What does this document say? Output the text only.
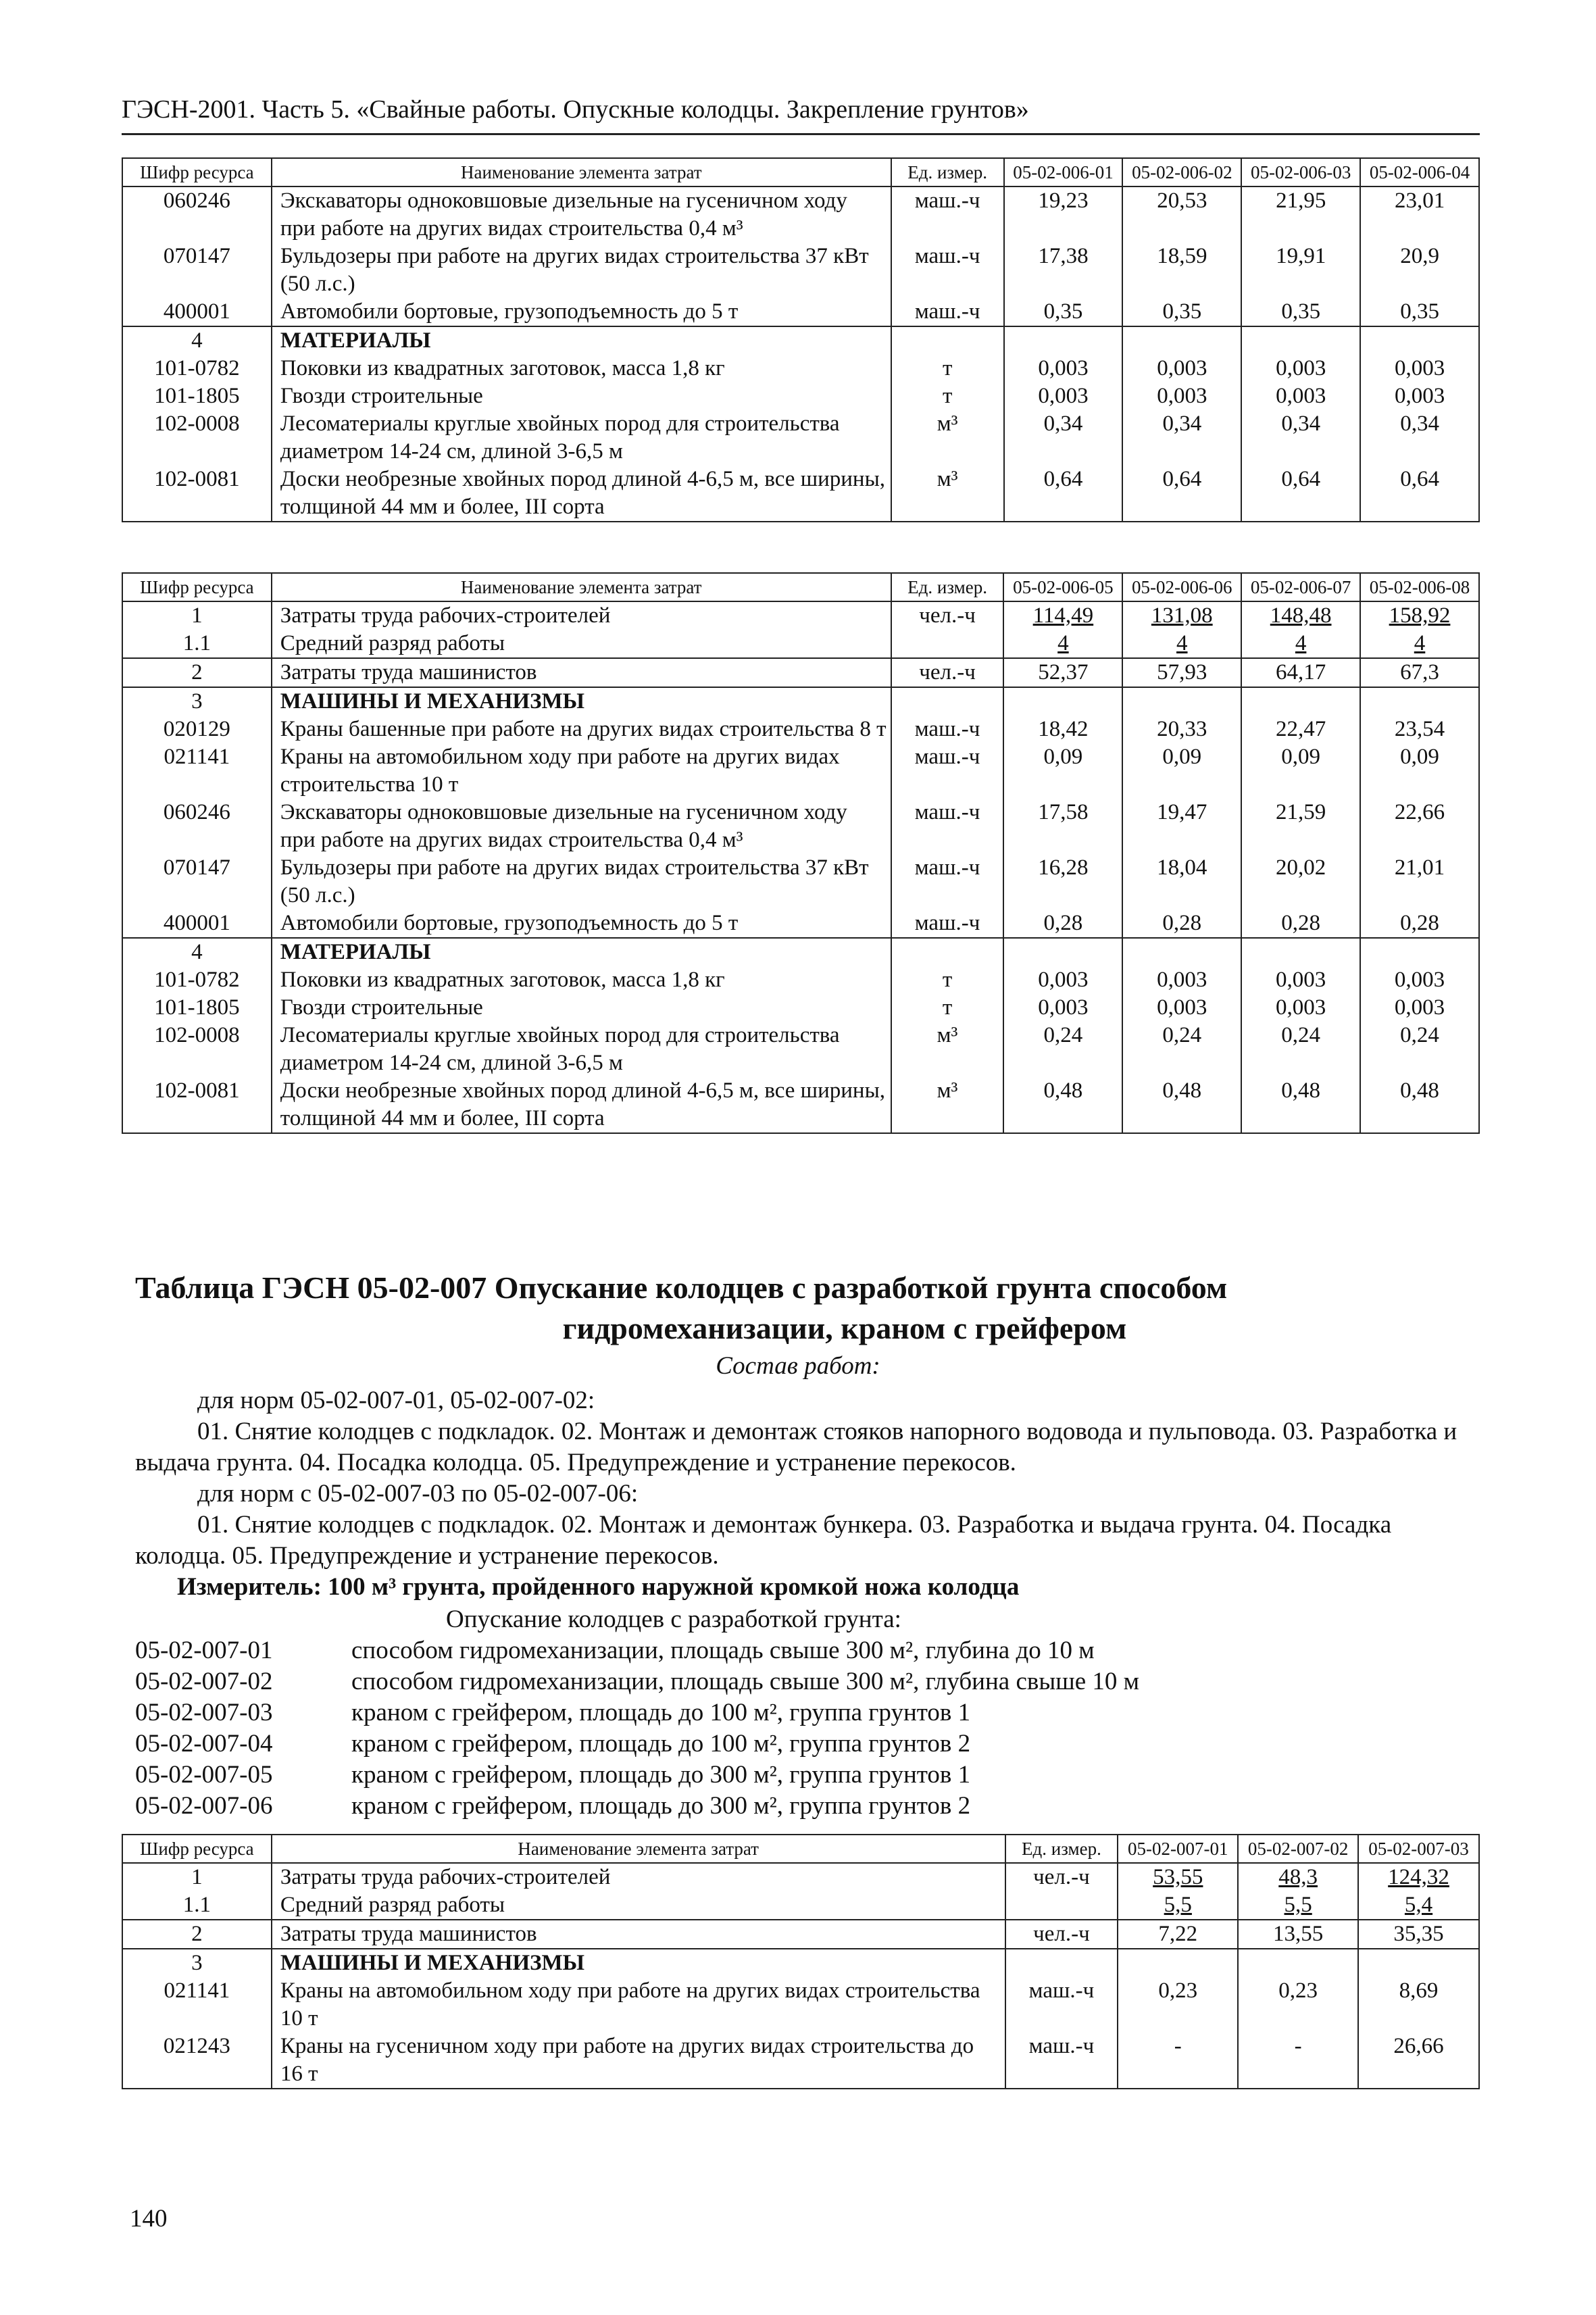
ГЭСН-2001. Часть 5. «Свайные работы. Опускные колодцы. Закрепление грунтов»
Шифр ресурса	Наименование элемента затрат	Ед. измер.	05-02-006-01	05-02-006-02	05-02-006-03	05-02-006-04
060246	Экскаваторы одноковшовые дизельные на гусеничном ходу при работе на других видах строительства 0,4 м³	маш.-ч	19,23	20,53	21,95	23,01
070147	Бульдозеры при работе на других видах строительства 37 кВт (50 л.с.)	маш.-ч	17,38	18,59	19,91	20,9
400001	Автомобили бортовые, грузоподъемность до 5 т	маш.-ч	0,35	0,35	0,35	0,35
4	МАТЕРИАЛЫ					
101-0782	Поковки из квадратных заготовок, масса 1,8 кг	т	0,003	0,003	0,003	0,003
101-1805	Гвозди строительные	т	0,003	0,003	0,003	0,003
102-0008	Лесоматериалы круглые хвойных пород для строительства диаметром 14-24 см, длиной 3-6,5 м	м³	0,34	0,34	0,34	0,34
102-0081	Доски необрезные хвойных пород длиной 4-6,5 м, все ширины, толщиной 44 мм и более, III сорта	м³	0,64	0,64	0,64	0,64
Шифр ресурса	Наименование элемента затрат	Ед. измер.	05-02-006-05	05-02-006-06	05-02-006-07	05-02-006-08
1	Затраты труда рабочих-строителей	чел.-ч	114,49	131,08	148,48	158,92
1.1	Средний разряд работы		4	4	4	4
2	Затраты труда машинистов	чел.-ч	52,37	57,93	64,17	67,3
3	МАШИНЫ И МЕХАНИЗМЫ					
020129	Краны башенные при работе на других видах строительства 8 т	маш.-ч	18,42	20,33	22,47	23,54
021141	Краны на автомобильном ходу при работе на других видах строительства 10 т	маш.-ч	0,09	0,09	0,09	0,09
060246	Экскаваторы одноковшовые дизельные на гусеничном ходу при работе на других видах строительства 0,4 м³	маш.-ч	17,58	19,47	21,59	22,66
070147	Бульдозеры при работе на других видах строительства 37 кВт (50 л.с.)	маш.-ч	16,28	18,04	20,02	21,01
400001	Автомобили бортовые, грузоподъемность до 5 т	маш.-ч	0,28	0,28	0,28	0,28
4	МАТЕРИАЛЫ					
101-0782	Поковки из квадратных заготовок, масса 1,8 кг	т	0,003	0,003	0,003	0,003
101-1805	Гвозди строительные	т	0,003	0,003	0,003	0,003
102-0008	Лесоматериалы круглые хвойных пород для строительства диаметром 14-24 см, длиной 3-6,5 м	м³	0,24	0,24	0,24	0,24
102-0081	Доски необрезные хвойных пород длиной 4-6,5 м, все ширины, толщиной 44 мм и более, III сорта	м³	0,48	0,48	0,48	0,48
Таблица ГЭСН 05-02-007 Опускание колодцев с разработкой грунта способом
гидромеханизации, краном с грейфером
Состав работ:
для норм 05-02-007-01, 05-02-007-02:
01. Снятие колодцев с подкладок. 02. Монтаж и демонтаж стояков напорного водовода и пульповода. 03. Разработка и выдача грунта. 04. Посадка колодца. 05. Предупреждение и устранение перекосов.
для норм с 05-02-007-03 по 05-02-007-06:
01. Снятие колодцев с подкладок. 02. Монтаж и демонтаж бункера. 03. Разработка и выдача грунта. 04. Посадка колодца. 05. Предупреждение и устранение перекосов.
Измеритель: 100 м³ грунта, пройденного наружной кромкой ножа колодца
Опускание колодцев с разработкой грунта:
05-02-007-01	способом гидромеханизации, площадь свыше 300 м², глубина до 10 м
05-02-007-02	способом гидромеханизации, площадь свыше 300 м², глубина свыше 10 м
05-02-007-03	краном с грейфером, площадь до 100 м², группа грунтов 1
05-02-007-04	краном с грейфером, площадь до 100 м², группа грунтов 2
05-02-007-05	краном с грейфером, площадь до 300 м², группа грунтов 1
05-02-007-06	краном с грейфером, площадь до 300 м², группа грунтов 2
Шифр ресурса	Наименование элемента затрат	Ед. измер.	05-02-007-01	05-02-007-02	05-02-007-03
1	Затраты труда рабочих-строителей	чел.-ч	53,55	48,3	124,32
1.1	Средний разряд работы		5,5	5,5	5,4
2	Затраты труда машинистов	чел.-ч	7,22	13,55	35,35
3	МАШИНЫ И МЕХАНИЗМЫ				
021141	Краны на автомобильном ходу при работе на других видах строительства 10 т	маш.-ч	0,23	0,23	8,69
021243	Краны на гусеничном ходу при работе на других видах строительства до 16 т	маш.-ч	-	-	26,66
140
